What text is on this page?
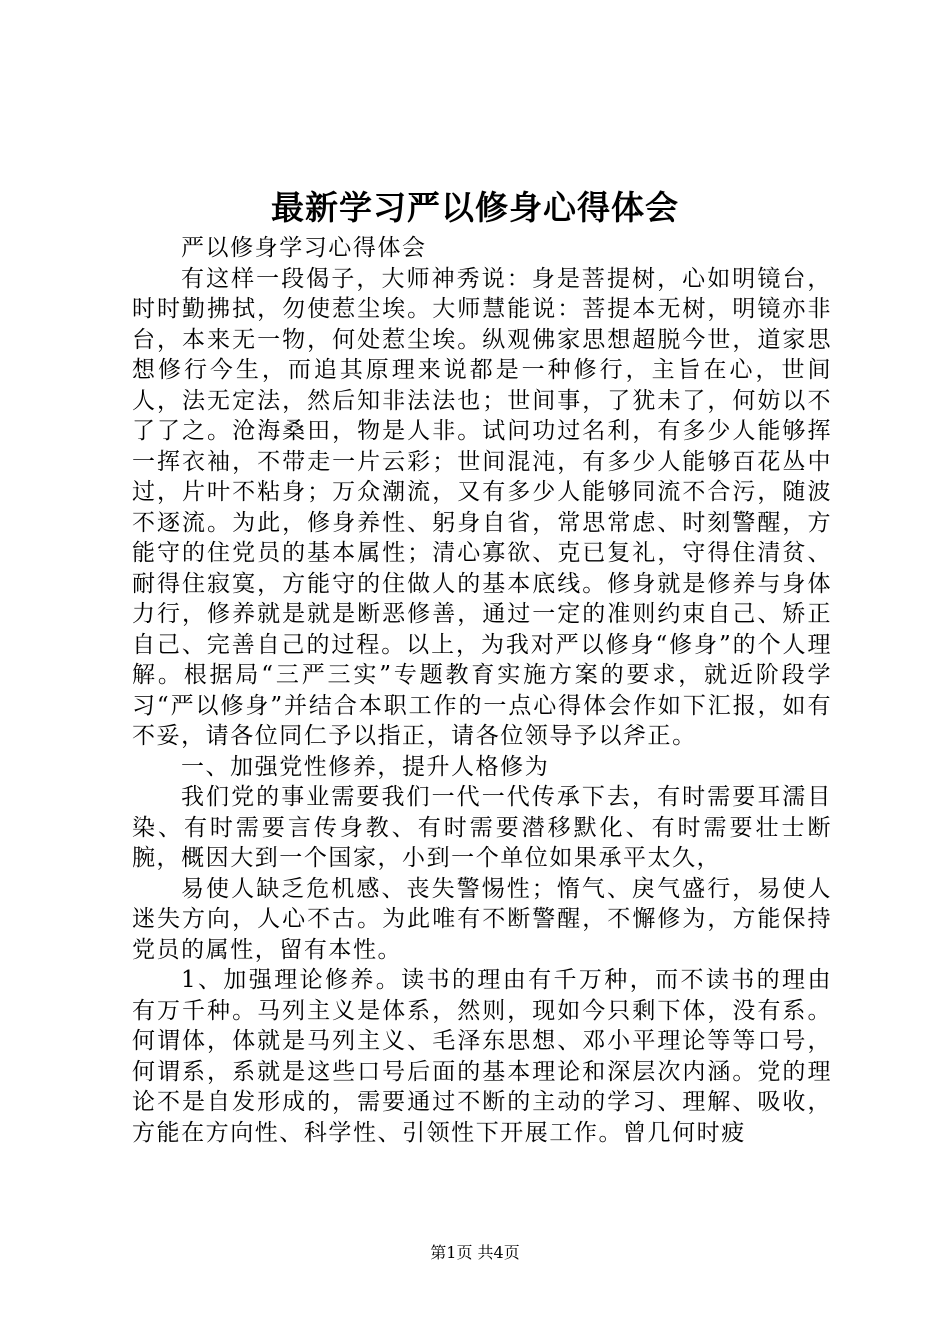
最新学习严以修身心得体会

严以修身学习心得体会

有这样一段偈子，大师神秀说：身是菩提树，心如明镜台，时时勤拂拭，勿使惹尘埃。大师慧能说：菩提本无树，明镜亦非台，本来无一物，何处惹尘埃。纵观佛家思想超脱今世，道家思想修行今生，而追其原理来说都是一种修行，主旨在心，世间人，法无定法，然后知非法法也；世间事，了犹未了，何妨以不了了之。沧海桑田，物是人非。试问功过名利，有多少人能够挥一挥衣袖，不带走一片云彩；世间混沌，有多少人能够百花丛中过，片叶不粘身；万众潮流，又有多少人能够同流不合污，随波不逐流。为此，修身养性、躬身自省，常思常虑、时刻警醒，方能守的住党员的基本属性；清心寡欲、克已复礼，守得住清贫、耐得住寂寞，方能守的住做人的基本底线。修身就是修养与身体力行，修养就是就是断恶修善，通过一定的准则约束自己、矫正自己、完善自己的过程。以上，为我对严以修身“修身”的个人理解。根据局“三严三实”专题教育实施方案的要求，就近阶段学习“严以修身”并结合本职工作的一点心得体会作如下汇报，如有不妥，请各位同仁予以指正，请各位领导予以斧正。

一、加强党性修养，提升人格修为

我们党的事业需要我们一代一代传承下去，有时需要耳濡目染、有时需要言传身教、有时需要潜移默化、有时需要壮士断腕，概因大到一个国家，小到一个单位如果承平太久，

易使人缺乏危机感、丧失警惕性；惰气、戾气盛行，易使人迷失方向，人心不古。为此唯有不断警醒，不懈修为，方能保持党员的属性，留有本性。

1、加强理论修养。读书的理由有千万种，而不读书的理由有万千种。马列主义是体系，然则，现如今只剩下体，没有系。何谓体，体就是马列主义、毛泽东思想、邓小平理论等等口号，何谓系，系就是这些口号后面的基本理论和深层次内涵。党的理论不是自发形成的，需要通过不断的主动的学习、理解、吸收，方能在方向性、科学性、引领性下开展工作。曾几何时疲

第1页 共4页
